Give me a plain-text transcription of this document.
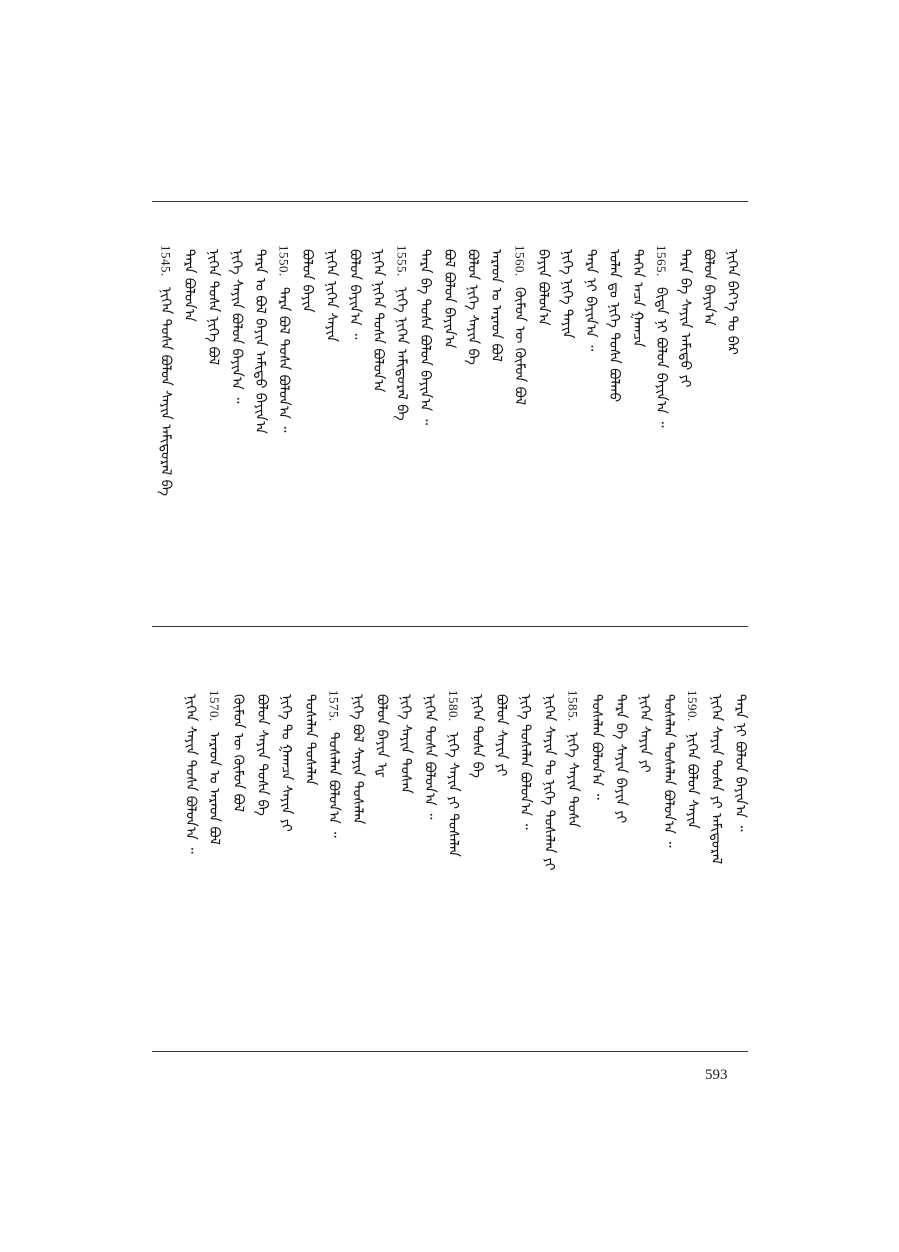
ᠨᠢᠭᠡᠨ ᠪᠡᠶ᠎ᠡ ᠲᠤ ᠪᠠᠷ
ᠪᠣᠯᠤᠨ ᠪᠠᠶᠢᠨ᠎ᠠ
ᠲᠡᠷᠡ ᠪᠡ ᠰᠠᠶᠢᠨ ᠠᠮᠢᠳᠤ ᠶᠢ
1565.
ᠪᠢᠳᠡ ᠨᠢ ᠪᠣᠯᠤᠨ ᠪᠠᠶᠢᠨ᠎ᠠ ᠃
ᠲᠡᠭᠡᠨ ᠠᠴᠠ ᠭᠠᠭᠴᠠ
ᠤᠯᠠᠨ ᠳᠤ ᠨᠢᠭᠡ ᠲᠤᠰᠠ ᠪᠣᠯᠬᠤ
ᠲᠡᠷᠡ ᠨᠢ ᠪᠠᠶᠢᠨ᠎ᠠ ᠃
ᠨᠢᠭᠡ ᠨᠢᠭᠡ ᠲᠠᠶᠢᠨ
ᠪᠠᠶᠢᠨ ᠪᠣᠯᠤᠨ᠎ᠠ
1560.
ᠬᠦᠮᠦᠨ ᠦ ᠬᠦᠮᠦᠨ ᠪᠣᠯ
ᠠᠷᠠᠳ ᠤ ᠠᠷᠠᠳ ᠪᠣᠯ
ᠪᠣᠯᠤᠨ ᠨᠢᠭᠡ ᠰᠠᠶᠢᠨ ᠪᠡ
ᠪᠣᠯ ᠪᠣᠯᠤᠨ ᠪᠠᠶᠢᠨ᠎ᠠ
ᠲᠡᠷᠡ ᠪᠡ ᠲᠤᠰᠠ ᠪᠣᠯᠤᠨ ᠪᠠᠶᠢᠨ᠎ᠠ ᠃
1555.
ᠨᠢᠭᠡ ᠨᠢᠭᠡᠨ ᠠᠮᠢᠳᠤᠷᠠᠯ ᠪᠡ
ᠨᠢᠭᠡᠨ ᠨᠢᠭᠡᠨ ᠲᠤᠰᠠ ᠪᠣᠯᠤᠨ᠎ᠠ
ᠪᠣᠯᠤᠨ ᠪᠠᠶᠢᠨ᠎ᠠ ᠃
ᠨᠢᠭᠡᠨ ᠨᠢᠭᠡᠨ ᠰᠠᠶᠢᠨ
ᠪᠣᠯᠤᠨ ᠪᠠᠶᠢᠨ
1550.
ᠲᠡᠷᠡ ᠪᠣᠯ ᠲᠤᠰᠠ ᠪᠣᠯᠤᠨ᠎ᠠ ᠃
ᠲᠡᠷᠡ ᠤ ᠪᠣᠯ ᠪᠠᠶᠢᠨ ᠠᠮᠢᠳᠤ ᠪᠠᠶᠢᠨ᠎ᠠ
ᠨᠢᠭᠡ ᠰᠠᠶᠢᠨ ᠪᠣᠯᠤᠨ ᠪᠠᠶᠢᠨ᠎ᠠ ᠃
ᠨᠢᠭᠡᠨ ᠲᠤᠰᠠ ᠨᠢᠭᠡ ᠪᠣᠯ
ᠲᠡᠷᠡ ᠪᠣᠯᠤᠨ᠎ᠠ
1545.
ᠨᠢᠭᠡᠨ ᠲᠤᠰᠠ ᠪᠣᠯᠤᠨ ᠰᠠᠶᠢᠨ ᠠᠮᠢᠳᠤᠷᠠᠯ ᠪᠡ
ᠲᠡᠷᠡ ᠨᠢ ᠪᠣᠯᠤᠨ ᠪᠠᠶᠢᠨ᠎ᠠ ᠃
ᠨᠢᠭᠡᠨ ᠰᠠᠶᠢᠨ ᠲᠤᠰᠠ ᠶᠢ ᠠᠮᠢᠳᠤᠷᠠᠯ
1590.
ᠨᠢᠭᠡᠨ ᠪᠣᠯᠤᠨ ᠰᠠᠶᠢᠨ
ᠲᠤᠰᠠᠯᠠᠨ ᠲᠤᠰᠠᠯᠠᠨ ᠪᠣᠯᠤᠨ᠎ᠠ ᠃
ᠨᠢᠭᠡᠨ ᠰᠠᠶᠢᠨ ᠶᠢ
ᠲᠡᠷᠡ ᠪᠡ ᠰᠠᠶᠢᠨ ᠪᠠᠶᠢᠨ ᠶᠢ
ᠲᠤᠰᠠᠯᠠᠨ ᠪᠣᠯᠤᠨ᠎ᠠ ᠃
1585.
ᠨᠢᠭᠡ ᠰᠠᠶᠢᠨ ᠲᠤᠰᠠ
ᠨᠢᠭᠡᠨ ᠰᠠᠶᠢᠨ ᠲᠤ ᠨᠢᠭᠡ ᠲᠤᠰᠠᠯᠠᠨ ᠶᠢ
ᠨᠢᠭᠡ ᠲᠤᠰᠠᠯᠠᠨ ᠪᠣᠯᠤᠨ᠎ᠠ ᠃
ᠪᠣᠯᠤᠨ ᠰᠠᠶᠢᠨ ᠶᠢ
ᠨᠢᠭᠡᠨ ᠲᠤᠰᠠ ᠪᠡ
1580.
ᠨᠢᠭᠡ ᠰᠠᠶᠢᠨ ᠶᠢ ᠲᠤᠰᠠᠯᠠᠨ
ᠨᠢᠭᠡᠨ ᠲᠤᠰᠠ ᠪᠣᠯᠤᠨ᠎ᠠ ᠃
ᠨᠢᠭᠡ ᠰᠠᠶᠢᠨ ᠲᠤᠰᠠᠨ
ᠪᠣᠯᠤᠨ ᠪᠠᠶᠢᠨ ᠾ
ᠨᠢᠭᠡ ᠪᠣᠯ ᠰᠠᠶᠢᠨ ᠲᠤᠰᠠᠯᠠᠨ
1575.
ᠲᠤᠰᠠᠯᠠᠨ ᠪᠣᠯᠤᠨ᠎ᠠ ᠃
ᠲᠤᠰᠠᠯᠠᠨ ᠲᠤᠰᠠᠯᠠᠨ
ᠨᠢᠭᠡ ᠲᠤ ᠭᠠᠭᠴᠠ ᠰᠠᠶᠢᠨ ᠶᠢ
ᠪᠣᠯᠤᠨ ᠰᠠᠶᠢᠨ ᠲᠤᠰᠠ ᠪᠡ
ᠬᠦᠮᠦᠨ ᠦ ᠬᠦᠮᠦᠨ ᠪᠣᠯ
1570.
ᠠᠷᠠᠳ ᠤ ᠠᠷᠠᠳ ᠪᠣᠯ
ᠨᠢᠭᠡᠨ ᠰᠠᠶᠢᠨ ᠲᠤᠰᠠ ᠪᠣᠯᠤᠨ᠎ᠠ ᠃
593
